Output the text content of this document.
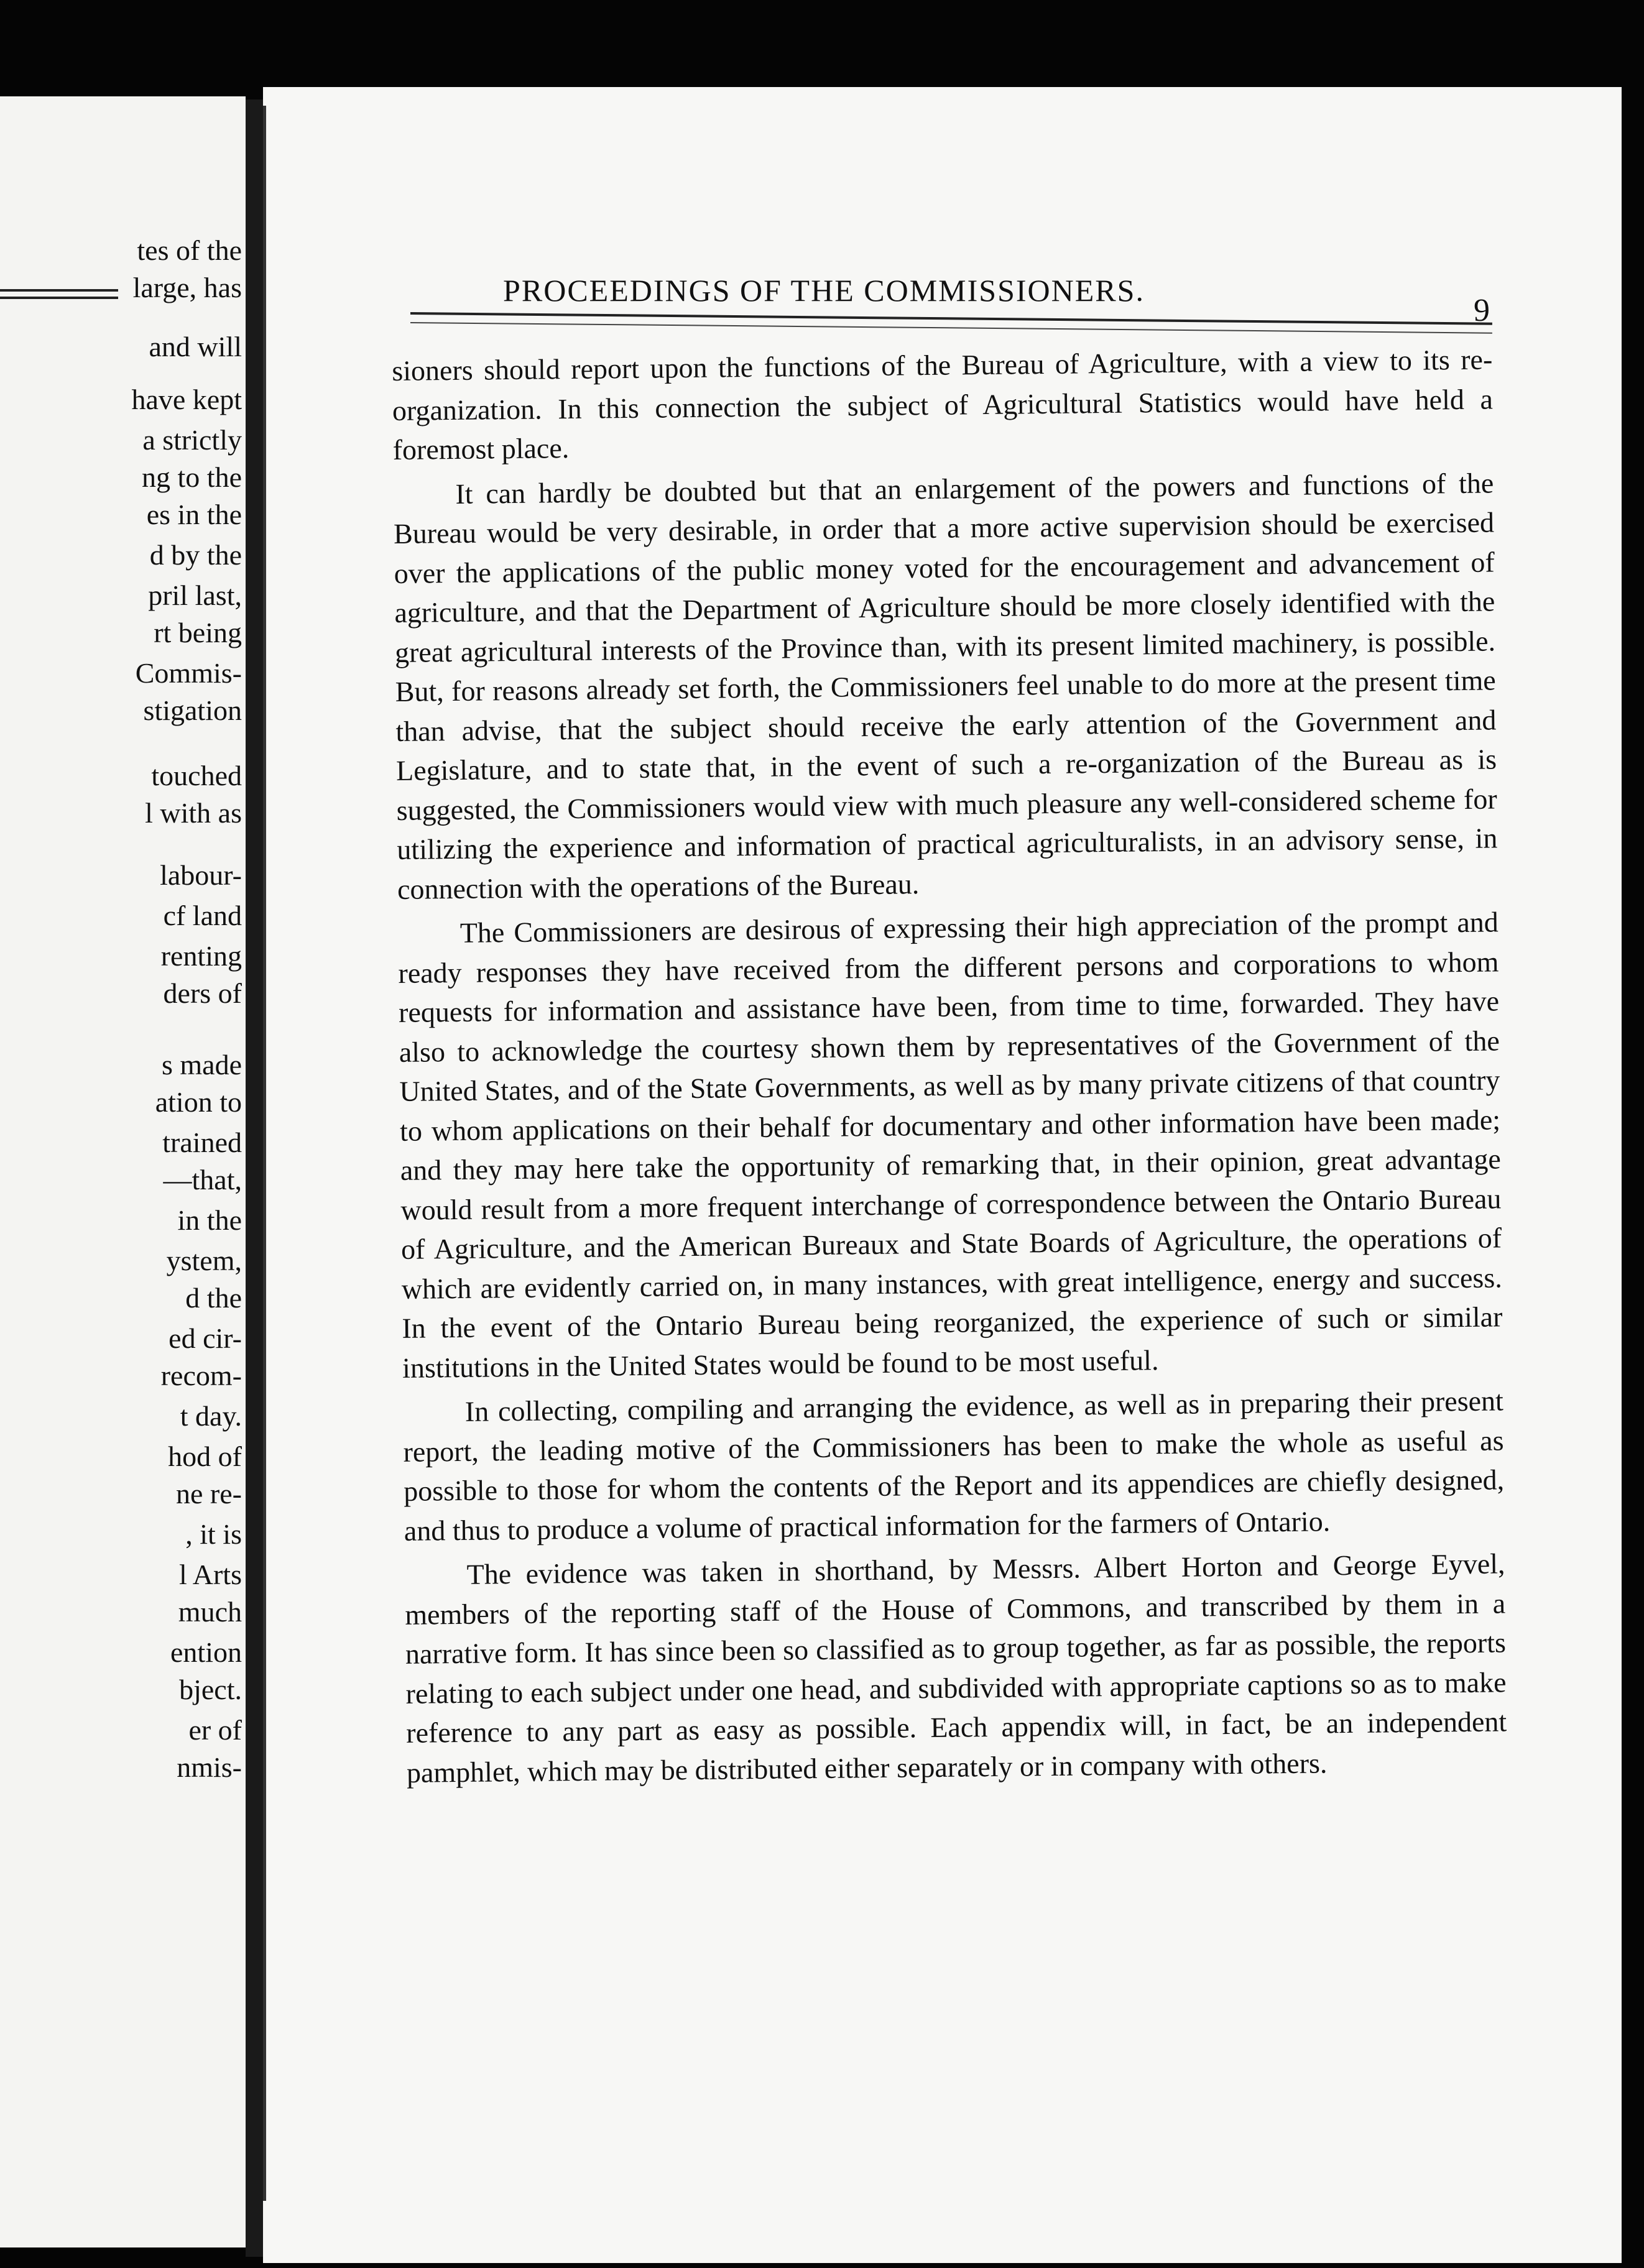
tes of the
large, has
and will
have kept
a strictly
ng to the
es in the
d by the
pril last,
rt being
Commis-
stigation
touched
l with as
labour-
cf land
renting
ders of
s made
ation to
trained
—that,
in the
ystem,
d the
ed cir-
recom-
t day.
hod of
ne re-
, it is
l Arts
much
ention
bject.
er of
nmis-
PROCEEDINGS OF THE COMMISSIONERS.
9

sioners should report upon the functions of the Bureau of Agriculture, with a view to its re-organization. In this connection the subject of Agricultural Statistics would have held a foremost place.

It can hardly be doubted but that an enlargement of the powers and functions of the Bureau would be very desirable, in order that a more active supervision should be exercised over the applications of the public money voted for the encouragement and advancement of agriculture, and that the Department of Agriculture should be more closely identified with the great agricultural interests of the Province than, with its present limited machinery, is possible. But, for reasons already set forth, the Commissioners feel unable to do more at the present time than advise, that the subject should receive the early attention of the Government and Legislature, and to state that, in the event of such a re-organization of the Bureau as is suggested, the Commissioners would view with much pleasure any well-considered scheme for utilizing the experience and information of practical agriculturalists, in an advisory sense, in connection with the operations of the Bureau.

The Commissioners are desirous of expressing their high appreciation of the prompt and ready responses they have received from the different persons and corporations to whom requests for information and assistance have been, from time to time, forwarded. They have also to acknowledge the courtesy shown them by representatives of the Government of the United States, and of the State Governments, as well as by many private citizens of that country to whom applications on their behalf for documentary and other information have been made; and they may here take the opportunity of remarking that, in their opinion, great advantage would result from a more frequent interchange of correspondence between the Ontario Bureau of Agriculture, and the American Bureaux and State Boards of Agriculture, the operations of which are evidently carried on, in many instances, with great intelligence, energy and success. In the event of the Ontario Bureau being reorganized, the experience of such or similar institutions in the United States would be found to be most useful.

In collecting, compiling and arranging the evidence, as well as in preparing their present report, the leading motive of the Commissioners has been to make the whole as useful as possible to those for whom the contents of the Report and its appendices are chiefly designed, and thus to produce a volume of practical information for the farmers of Ontario.

The evidence was taken in shorthand, by Messrs. Albert Horton and George Eyvel, members of the reporting staff of the House of Commons, and transcribed by them in a narrative form. It has since been so classified as to group together, as far as possible, the reports relating to each subject under one head, and subdivided with appropriate captions so as to make reference to any part as easy as possible. Each appendix will, in fact, be an independent pamphlet, which may be distributed either separately or in company with others.
